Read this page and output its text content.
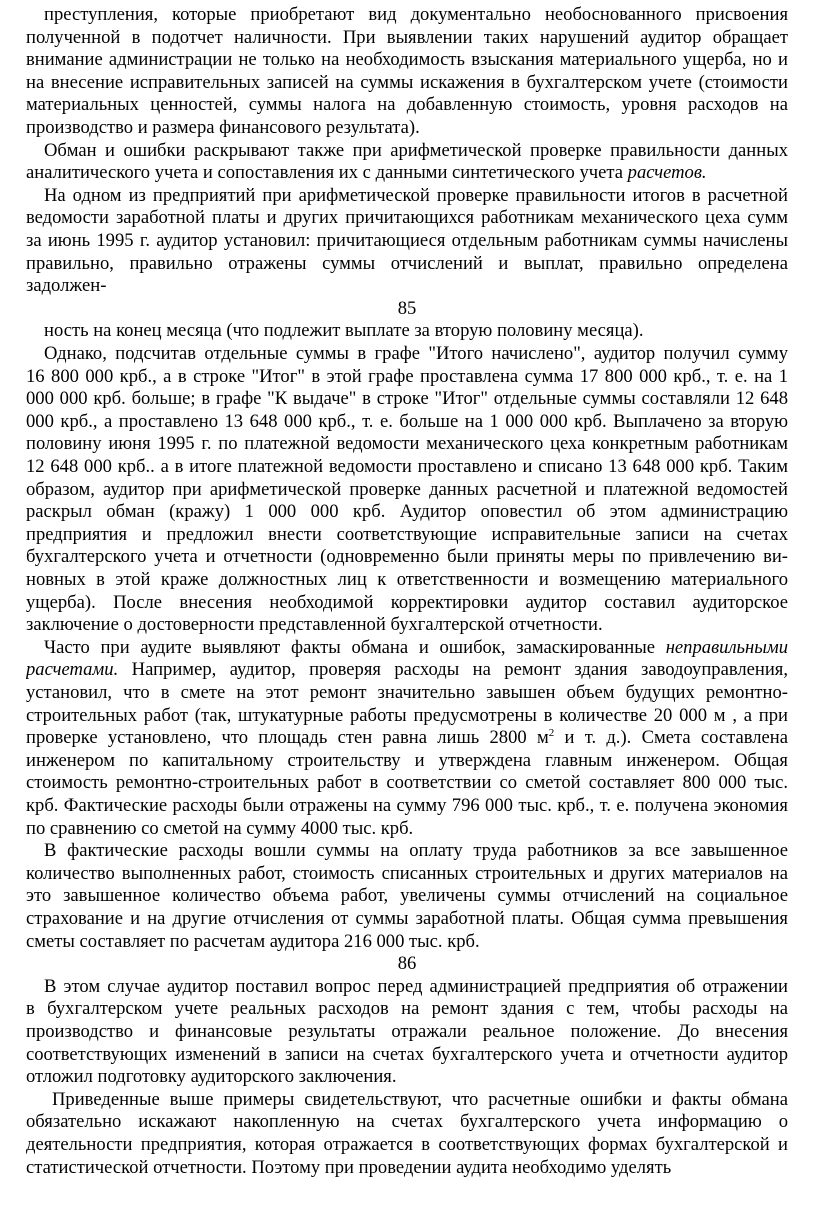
преступления, которые приобретают вид документально необоснованного присвоения
полученной в подотчет наличности. При выявлении таких нарушений аудитор обращает
внимание администрации не только на необходимость взыскания материального ущерба, но и
на внесение исправительных записей на суммы искажения в бухгалтерском учете (стоимости
материальных ценностей, суммы налога на добавленную стоимость, уровня расходов на
производство и размера финансового результата).
Обман и ошибки раскрывают также при арифметической проверке правильности данных
аналитического учета и сопоставления их с данными синтетического учета расчетов.
На одном из предприятий при арифметической проверке правильности итогов в расчетной
ведомости заработной платы и других причитающихся работникам механического цеха сумм
за июнь 1995 г. аудитор установил: причитающиеся отдельным работникам суммы начислены
правильно, правильно отражены суммы отчислений и выплат, правильно определена
задолжен-
85
ность на конец месяца (что подлежит выплате за вторую половину месяца).
Однако, подсчитав отдельные суммы в графе "Итого начислено", аудитор получил сумму
16 800 000 крб., а в строке "Итог" в этой графе проставлена сумма 17 800 000 крб., т. е. на 1
000 000 крб. больше; в графе "К выдаче" в строке "Итог" отдельные суммы составляли 12 648
000 крб., а проставлено 13 648 000 крб., т. е. больше на 1 000 000 крб. Выплачено за вторую
половину июня 1995 г. по платежной ведомости механического цеха конкретным работникам
12 648 000 крб.. а в итоге платежной ведомости проставлено и списано 13 648 000 крб. Таким
образом, аудитор при арифметической проверке данных расчетной и платежной ведомостей
раскрыл обман (кражу) 1 000 000 крб. Аудитор оповестил об этом администрацию
предприятия и предложил внести соответствующие исправительные записи на счетах
бухгалтерского учета и отчетности (одновременно были приняты меры по привлечению ви-
новных в этой краже должностных лиц к ответственности и возмещению материального
ущерба). После внесения необходимой корректировки аудитор составил аудиторское
заключение о достоверности представленной бухгалтерской отчетности.
Часто при аудите выявляют факты обмана и ошибок, замаскированные неправильными
расчетами. Например, аудитор, проверяя расходы на ремонт здания заводоуправления,
установил, что в смете на этот ремонт значительно завышен объем будущих ремонтно-
строительных работ (так, штукатурные работы предусмотрены в количестве 20 000 м , а при
проверке установлено, что площадь стен равна лишь 2800 $м^2$ и т. д.). Смета составлена
инженером по капитальному строительству и утверждена главным инженером. Общая
стоимость ремонтно-строительных работ в соответствии со сметой составляет 800 000 тыс.
крб. Фактические расходы были отражены на сумму 796 000 тыс. крб., т. е. получена экономия
по сравнению со сметой на сумму 4000 тыс. крб.
В фактические расходы вошли суммы на оплату труда работников за все завышенное
количество выполненных работ, стоимость списанных строительных и других материалов на
это завышенное количество объема работ, увеличены суммы отчислений на социальное
страхование и на другие отчисления от суммы заработной платы. Общая сумма превышения
сметы составляет по расчетам аудитора 216 000 тыс. крб.
86
В этом случае аудитор поставил вопрос перед администрацией предприятия об отражении
в бухгалтерском учете реальных расходов на ремонт здания с тем, чтобы расходы на
производство и финансовые результаты отражали реальное положение. До внесения
соответствующих изменений в записи на счетах бухгалтерского учета и отчетности аудитор
отложил подготовку аудиторского заключения.
Приведенные выше примеры свидетельствуют, что расчетные ошибки и факты обмана
обязательно искажают накопленную на счетах бухгалтерского учета информацию о
деятельности предприятия, которая отражается в соответствующих формах бухгалтерской и
статистической отчетности. Поэтому при проведении аудита необходимо уделять
